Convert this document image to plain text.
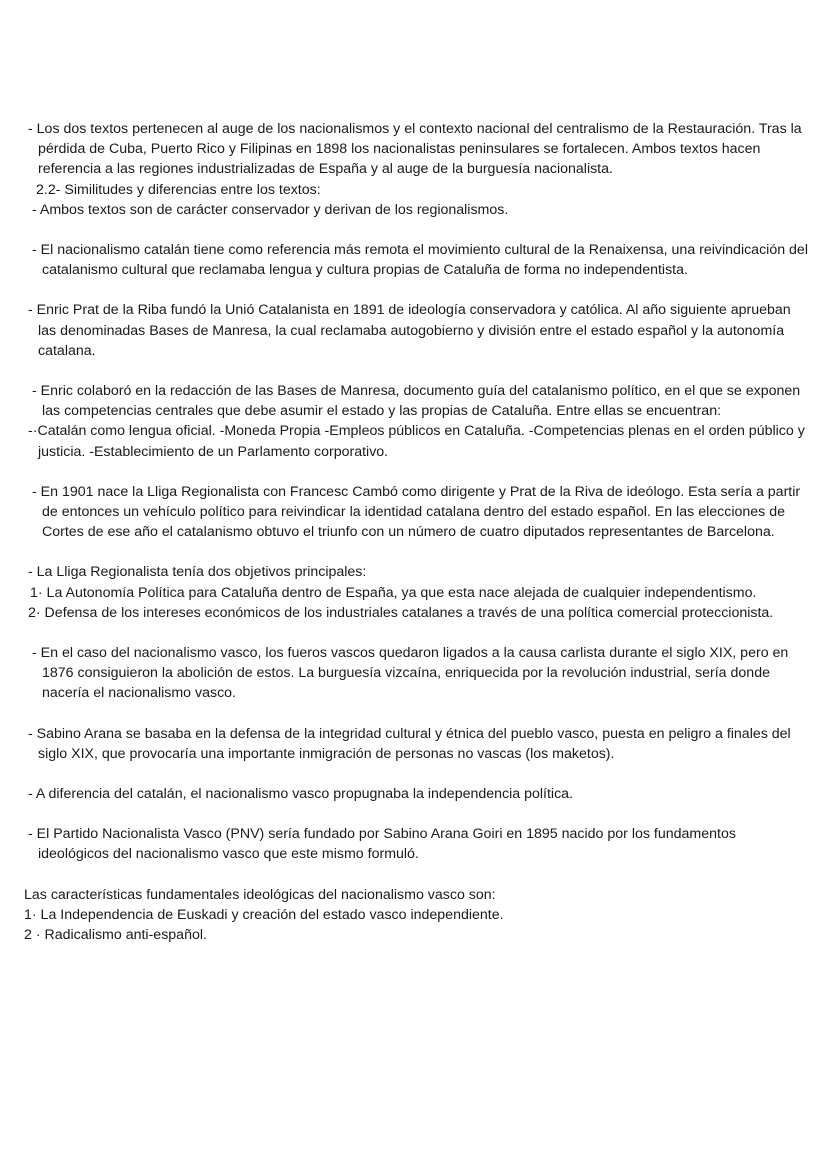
- Los dos textos pertenecen al auge de los nacionalismos y el contexto nacional del centralismo de la Restauración. Tras la pérdida de Cuba, Puerto Rico y Filipinas en 1898 los nacionalistas peninsulares se fortalecen. Ambos textos hacen referencia a las regiones industrializadas de España y al auge de la burguesía nacionalista.

2.2- Similitudes y diferencias entre los textos:

- Ambos textos son de carácter conservador y derivan de los regionalismos.

- El nacionalismo catalán tiene como referencia más remota el movimiento cultural de la Renaixensa, una reivindicación del catalanismo cultural que reclamaba lengua y cultura propias de Cataluña de forma no independentista.

- Enric Prat de la Riba fundó la Unió Catalanista en 1891 de ideología conservadora y católica. Al año siguiente aprueban las denominadas Bases de Manresa, la cual reclamaba autogobierno y división entre el estado español y la autonomía catalana.

- Enric colaboró en la redacción de las Bases de Manresa, documento guía del catalanismo político, en el que se exponen las competencias centrales que debe asumir el estado y las propias de Cataluña. Entre ellas se encuentran:

-·Catalán como lengua oficial. -Moneda Propia -Empleos públicos en Cataluña. -Competencias plenas en el orden público y justicia. -Establecimiento de un Parlamento corporativo.

- En 1901 nace la Lliga Regionalista con Francesc Cambó como dirigente y Prat de la Riva de ideólogo. Esta sería a partir de entonces un vehículo político para reivindicar la identidad catalana dentro del estado español. En las elecciones de Cortes de ese año el catalanismo obtuvo el triunfo con un número de cuatro diputados representantes de Barcelona.

- La Lliga Regionalista tenía dos objetivos principales:

1· La Autonomía Política para Cataluña dentro de España, ya que esta nace alejada de cualquier independentismo.

2· Defensa de los intereses económicos de los industriales catalanes a través de una política comercial proteccionista.

- En el caso del nacionalismo vasco, los fueros vascos quedaron ligados a la causa carlista durante el siglo XIX, pero en 1876 consiguieron la abolición de estos. La burguesía vizcaína, enriquecida por la revolución industrial, sería donde nacería el nacionalismo vasco.

- Sabino Arana se basaba en la defensa de la integridad cultural y étnica del pueblo vasco, puesta en peligro a finales del siglo XIX, que provocaría una importante inmigración de personas no vascas (los maketos).

- A diferencia del catalán, el nacionalismo vasco propugnaba la independencia política.

- El Partido Nacionalista Vasco (PNV) sería fundado por Sabino Arana Goiri en 1895 nacido por los fundamentos ideológicos del nacionalismo vasco que este mismo formuló.

Las características fundamentales ideológicas del nacionalismo vasco son:

1· La Independencia de Euskadi y creación del estado vasco independiente.

2 · Radicalismo anti-español.
